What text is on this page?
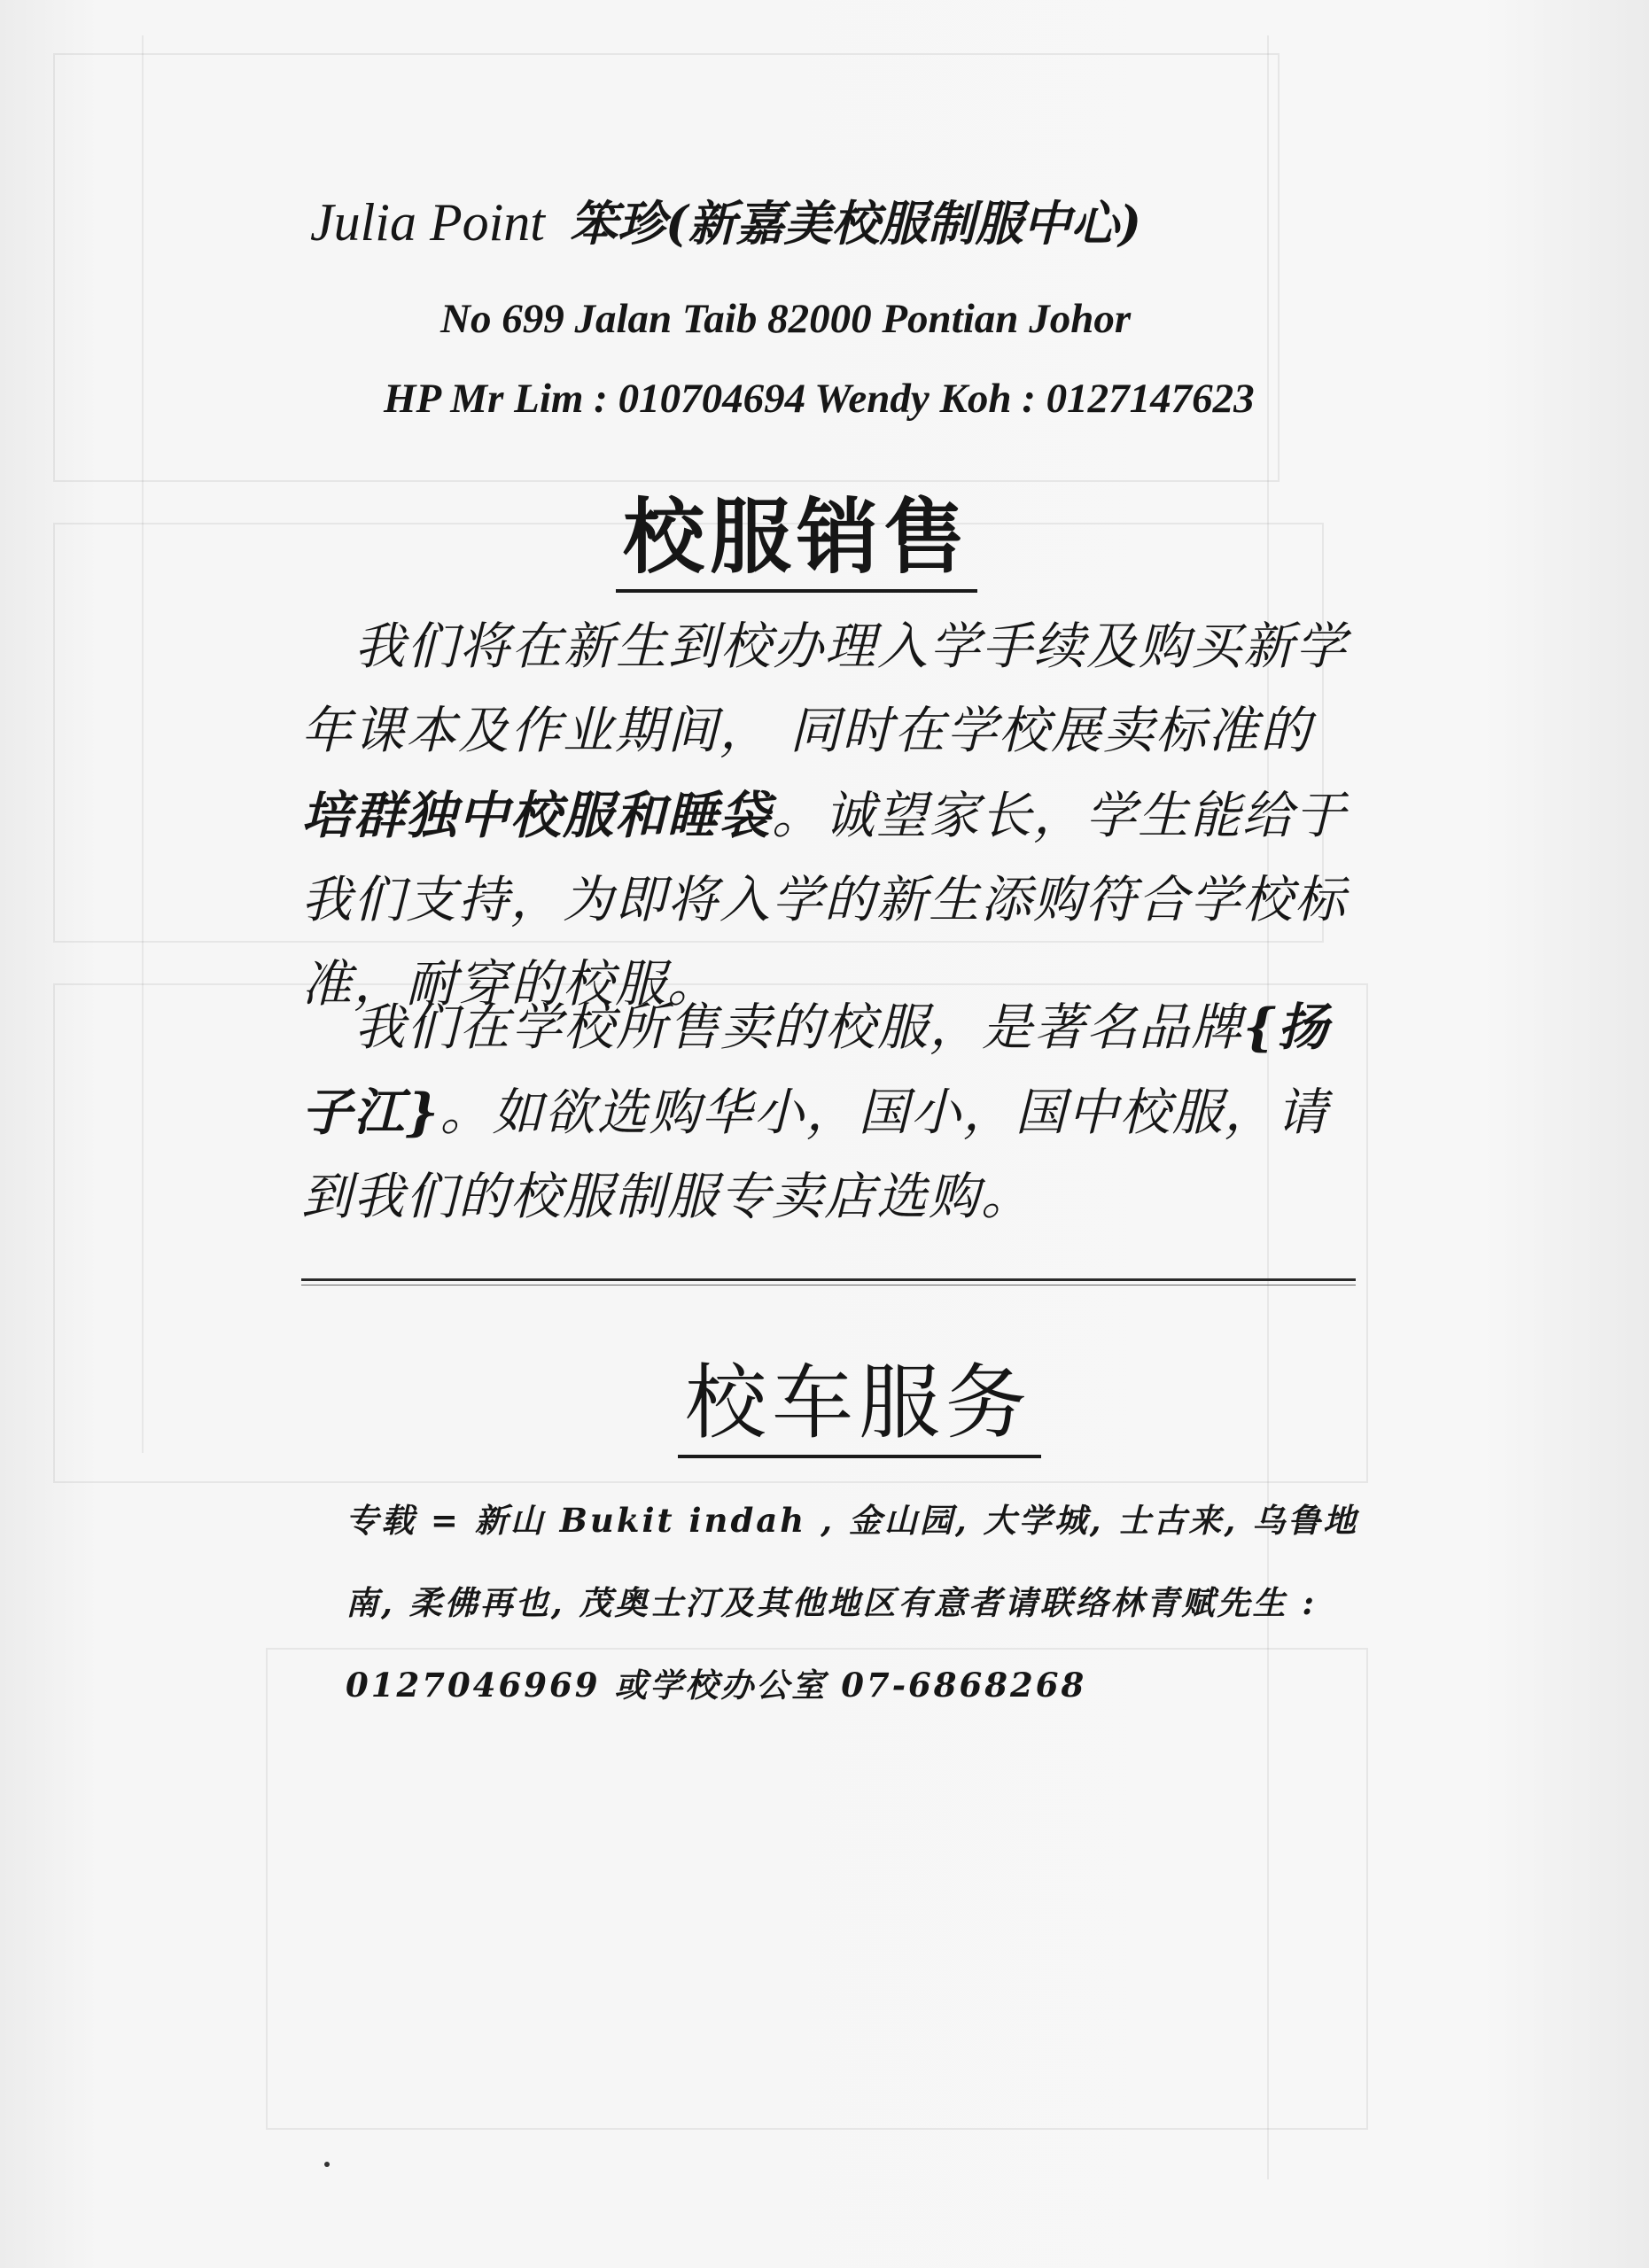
Julia Point 笨珍(新嘉美校服制服中心)
No 699 Jalan Taib 82000 Pontian Johor
HP Mr Lim : 010704694 Wendy Koh : 0127147623
校服销售
我们将在新生到校办理入学手续及购买新学年课本及作业期间， 同时在学校展卖标准的培群独中校服和睡袋。诚望家长，学生能给于我们支持，为即将入学的新生添购符合学校标准，耐穿的校服。
我们在学校所售卖的校服，是著名品牌{扬子江}。如欲选购华小，国小，国中校服，请到我们的校服制服专卖店选购。
校车服务
专载 = 新山 Bukit indah , 金山园, 大学城, 士古来, 乌鲁地南, 柔佛再也, 茂奥士汀及其他地区有意者请联络林青赋先生 : 0127046969 或学校办公室 07-6868268
